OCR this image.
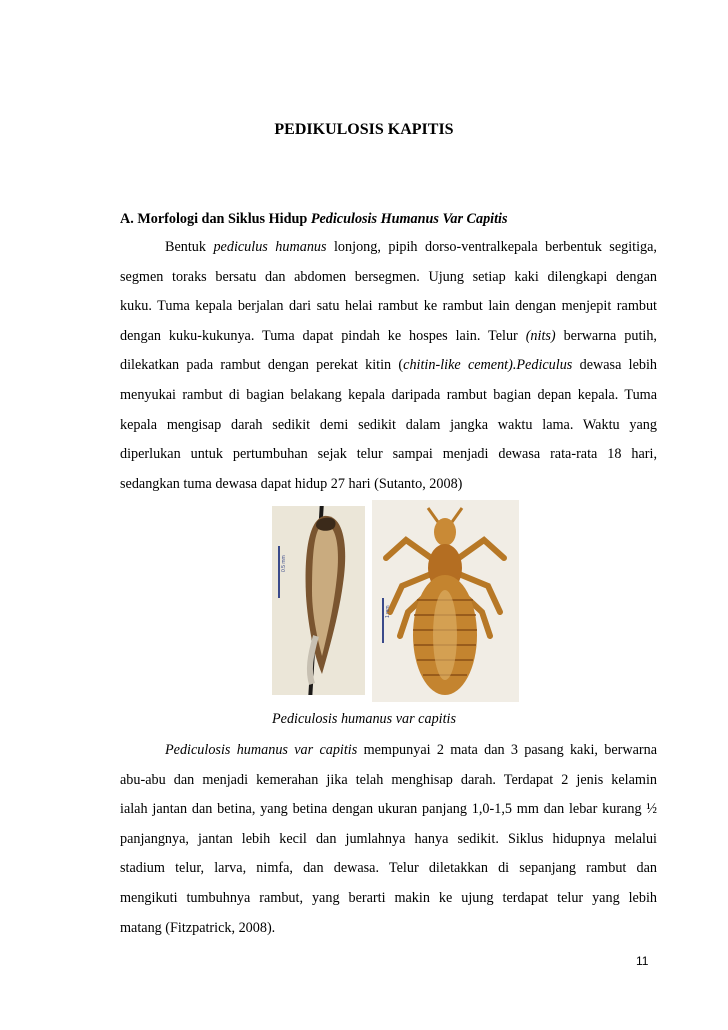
PEDIKULOSIS KAPITIS
A. Morfologi dan Siklus Hidup Pediculosis Humanus Var Capitis
Bentuk pediculus humanus lonjong, pipih dorso-ventralkepala berbentuk segitiga,
segmen toraks bersatu dan abdomen bersegmen. Ujung setiap kaki dilengkapi dengan
kuku. Tuma kepala berjalan dari satu helai rambut ke rambut lain dengan menjepit rambut
dengan kuku-kukunya. Tuma dapat pindah ke hospes lain. Telur (nits) berwarna putih,
dilekatkan pada rambut dengan perekat kitin (chitin-like cement).Pediculus dewasa lebih
menyukai rambut di bagian belakang kepala daripada rambut bagian depan kepala. Tuma
kepala mengisap darah sedikit demi sedikit dalam jangka waktu lama. Waktu yang
diperlukan untuk pertumbuhan sejak telur sampai menjadi dewasa rata-rata 18 hari,
sedangkan tuma dewasa dapat hidup 27 hari (Sutanto, 2008)
0.5 mm
1 mm
Pediculosis humanus var capitis
Pediculosis humanus var capitis mempunyai 2 mata dan 3 pasang kaki, berwarna
abu-abu dan menjadi kemerahan jika telah menghisap darah. Terdapat 2 jenis kelamin
ialah jantan dan betina, yang betina dengan ukuran panjang 1,0-1,5 mm dan lebar kurang ½
panjangnya, jantan lebih kecil dan jumlahnya hanya sedikit. Siklus hidupnya melalui
stadium telur, larva, nimfa, dan dewasa. Telur diletakkan di sepanjang rambut dan
mengikuti tumbuhnya rambut, yang berarti makin ke ujung terdapat telur yang lebih
matang (Fitzpatrick, 2008).
11
